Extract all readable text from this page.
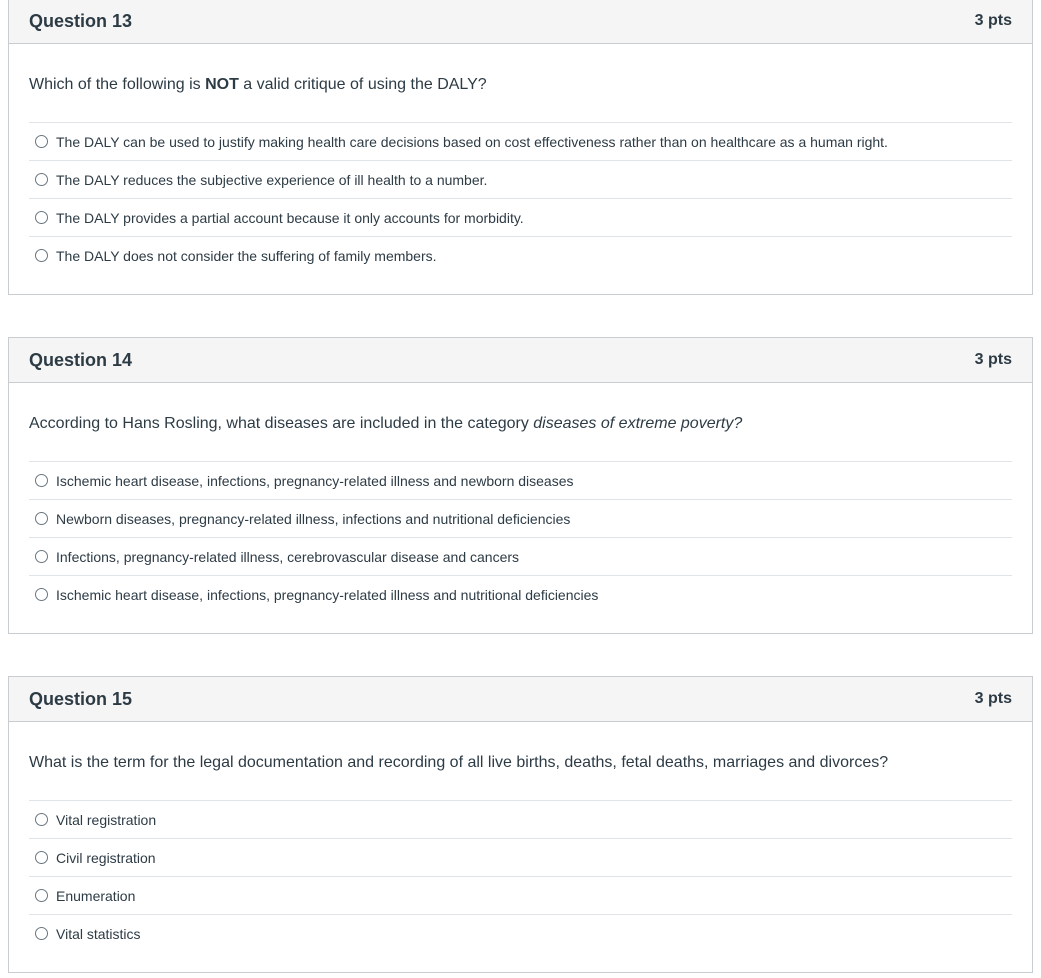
Question 13	3 pts
Which of the following is NOT a valid critique of using the DALY?
The DALY can be used to justify making health care decisions based on cost effectiveness rather than on healthcare as a human right.
The DALY reduces the subjective experience of ill health to a number.
The DALY provides a partial account because it only accounts for morbidity.
The DALY does not consider the suffering of family members.
Question 14	3 pts
According to Hans Rosling, what diseases are included in the category diseases of extreme poverty?
Ischemic heart disease, infections, pregnancy-related illness and newborn diseases
Newborn diseases, pregnancy-related illness, infections and nutritional deficiencies
Infections, pregnancy-related illness, cerebrovascular disease and cancers
Ischemic heart disease, infections, pregnancy-related illness and nutritional deficiencies
Question 15	3 pts
What is the term for the legal documentation and recording of all live births, deaths, fetal deaths, marriages and divorces?
Vital registration
Civil registration
Enumeration
Vital statistics
